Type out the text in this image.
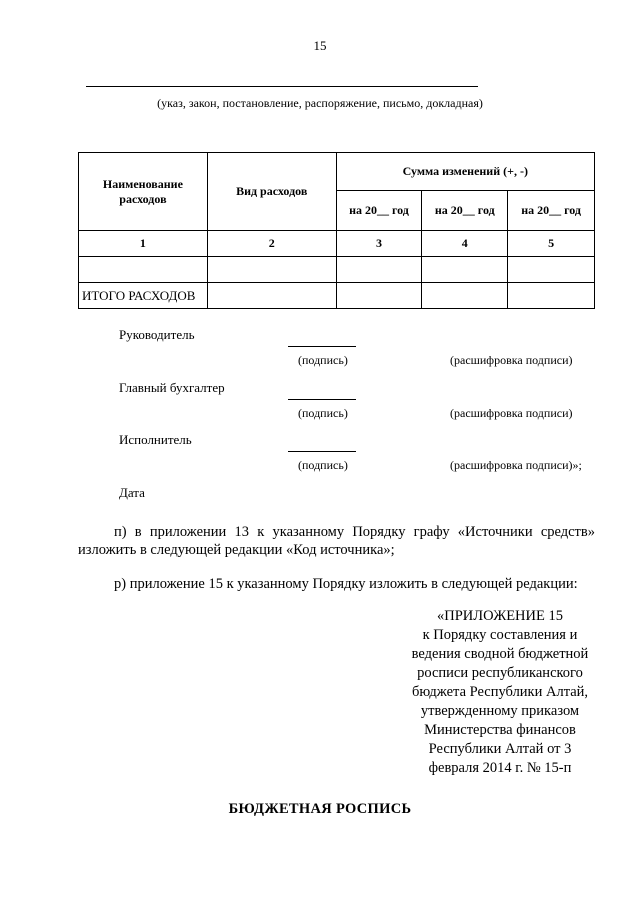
15
(указ, закон, постановление, распоряжение, письмо, докладная)
Наименование расходов	Вид расходов	Сумма изменений (+, -)		
		на 20__ год	на 20__ год	на 20__ год
1	2	3	4	5

ИТОГО РАСХОДОВ				
Руководитель
(подпись)	(расшифровка подписи)
Главный бухгалтер
(подпись)	(расшифровка подписи)
Исполнитель
(подпись)	(расшифровка подписи)»;
Дата

п) в приложении 13 к указанному Порядку графу «Источники средств» изложить в следующей редакции «Код источника»;

р) приложение 15 к указанному Порядку изложить в следующей редакции:

«ПРИЛОЖЕНИЕ 15
к Порядку составления и
ведения сводной бюджетной
росписи республиканского
бюджета Республики Алтай,
утвержденному приказом
Министерства финансов
Республики Алтай от 3
февраля 2014 г. № 15-п
БЮДЖЕТНАЯ РОСПИСЬ
